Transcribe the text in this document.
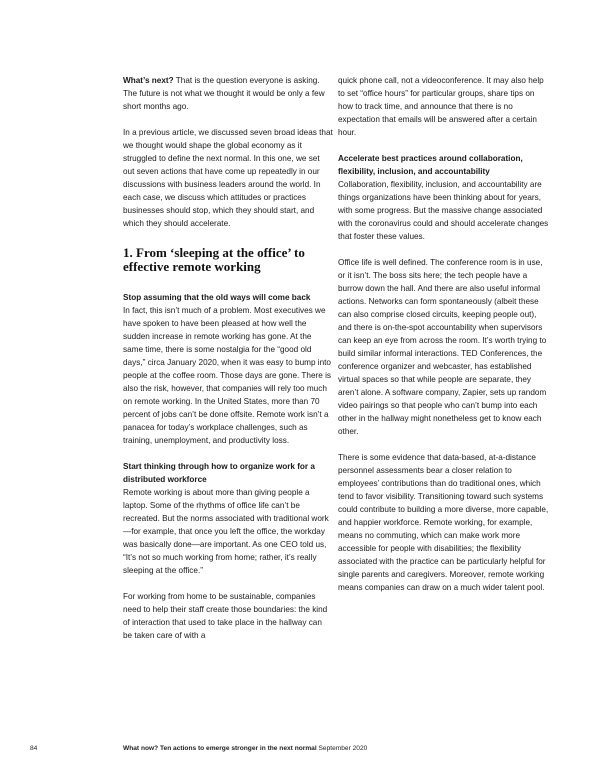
What’s next? That is the question everyone is asking. The future is not what we thought it would be only a few short months ago.

In a previous article, we discussed seven broad ideas that we thought would shape the global economy as it struggled to define the next normal. In this one, we set out seven actions that have come up repeatedly in our discussions with business leaders around the world. In each case, we discuss which attitudes or practices businesses should stop, which they should start, and which they should accelerate.

1. From ‘sleeping at the office’ to effective remote working

Stop assuming that the old ways will come back

In fact, this isn’t much of a problem. Most executives we have spoken to have been pleased at how well the sudden increase in remote working has gone. At the same time, there is some nostalgia for the “good old days,” circa January 2020, when it was easy to bump into people at the coffee room. Those days are gone. There is also the risk, however, that companies will rely too much on remote working. In the United States, more than 70 percent of jobs can’t be done offsite. Remote work isn’t a panacea for today’s workplace challenges, such as training, unemployment, and productivity loss.

Start thinking through how to organize work for a distributed workforce

Remote working is about more than giving people a laptop. Some of the rhythms of office life can’t be recreated. But the norms associated with traditional work—for example, that once you left the office, the workday was basically done—are important. As one CEO told us, “It’s not so much working from home; rather, it’s really sleeping at the office.”

For working from home to be sustainable, companies need to help their staff create those boundaries: the kind of interaction that used to take place in the hallway can be taken care of with a

quick phone call, not a videoconference. It may also help to set “office hours” for particular groups, share tips on how to track time, and announce that there is no expectation that emails will be answered after a certain hour.

Accelerate best practices around collaboration, flexibility, inclusion, and accountability

Collaboration, flexibility, inclusion, and accountability are things organizations have been thinking about for years, with some progress. But the massive change associated with the coronavirus could and should accelerate changes that foster these values.

Office life is well defined. The conference room is in use, or it isn’t. The boss sits here; the tech people have a burrow down the hall. And there are also useful informal actions. Networks can form spontaneously (albeit these can also comprise closed circuits, keeping people out), and there is on-the-spot accountability when supervisors can keep an eye from across the room. It’s worth trying to build similar informal interactions. TED Conferences, the conference organizer and webcaster, has established virtual spaces so that while people are separate, they aren’t alone. A software company, Zapier, sets up random video pairings so that people who can’t bump into each other in the hallway might nonetheless get to know each other.

There is some evidence that data-based, at-a-distance personnel assessments bear a closer relation to employees’ contributions than do traditional ones, which tend to favor visibility. Transitioning toward such systems could contribute to building a more diverse, more capable, and happier workforce. Remote working, for example, means no commuting, which can make work more accessible for people with disabilities; the flexibility associated with the practice can be particularly helpful for single parents and caregivers. Moreover, remote working means companies can draw on a much wider talent pool.

84	What now? Ten actions to emerge stronger in the next normal September 2020
